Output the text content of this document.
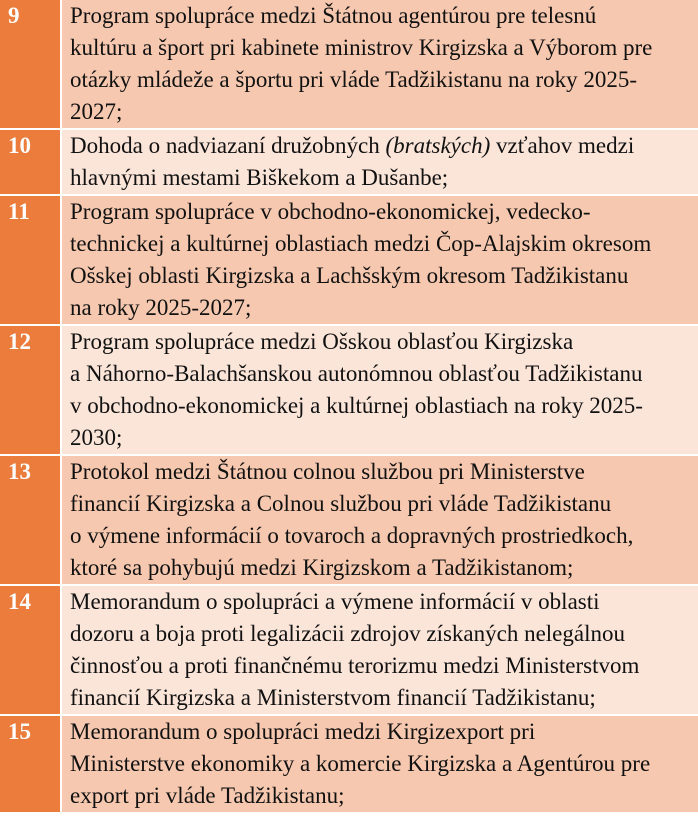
9	Program spolupráce medzi Štátnou agentúrou pre telesnú
kultúru a šport pri kabinete ministrov Kirgizska a Výborom pre
otázky mládeže a športu pri vláde Tadžikistanu na roky 2025-
2027;

10	Dohoda o nadviazaní družobných (bratských) vzťahov medzi
hlavnými mestami Biškekom a Dušanbe;

11	Program spolupráce v obchodno-ekonomickej, vedecko-
technickej a kultúrnej oblastiach medzi Čop-Alajskim okresom
Ošskej oblasti Kirgizska a Lachšským okresom Tadžikistanu
na roky 2025-2027;

12	Program spolupráce medzi Ošskou oblasťou Kirgizska
a Náhorno-Balachšanskou autonómnou oblasťou Tadžikistanu
v obchodno-ekonomickej a kultúrnej oblastiach na roky 2025-
2030;

13	Protokol medzi Štátnou colnou službou pri Ministerstve
financií Kirgizska a Colnou službou pri vláde Tadžikistanu
o výmene informácií o tovaroch a dopravných prostriedkoch,
ktoré sa pohybujú medzi Kirgizskom a Tadžikistanom;

14	Memorandum o spolupráci a výmene informácií v oblasti
dozoru a boja proti legalizácii zdrojov získaných nelegálnou
činnosťou a proti finančnému terorizmu medzi Ministerstvom
financií Kirgizska a Ministerstvom financií Tadžikistanu;

15	Memorandum o spolupráci medzi Kirgizexport pri
Ministerstve ekonomiky a komercie Kirgizska a Agentúrou pre
export pri vláde Tadžikistanu;
